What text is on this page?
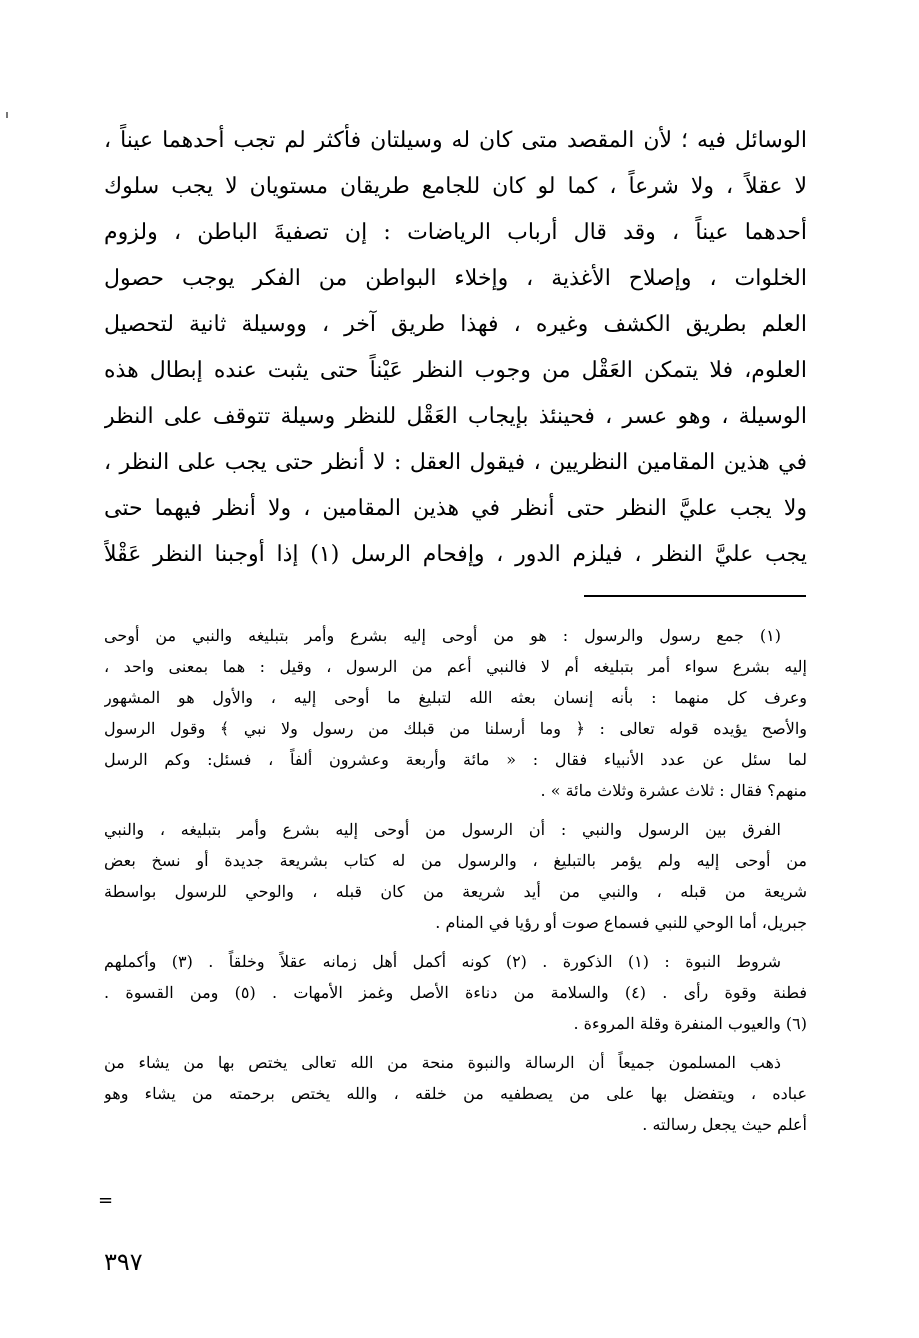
الوسائل فيه ؛ لأن المقصد متى كان له وسيلتان فأكثر لم تجب أحدهما عيناً ،
لا عقلاً ، ولا شرعاً ، كما لو كان للجامع طريقان مستويان لا يجب سلوك
أحدهما عيناً ، وقد قال أرباب الرياضات : إن تصفيةَ الباطن ، ولزوم
الخلوات ، وإصلاح الأغذية ، وإخلاء البواطن من الفكر يوجب حصول
العلم بطريق الكشف وغيره ، فهذا طريق آخر ، ووسيلة ثانية لتحصيل
العلوم، فلا يتمكن العَقْل من وجوب النظر عَيْناً حتى يثبت عنده إبطال هذه
الوسيلة ، وهو عسر ، فحينئذ بإيجاب العَقْل للنظر وسيلة تتوقف على النظر
في هذين المقامين النظريين ، فيقول العقل : لا أنظر حتى يجب على النظر ،
ولا يجب عليَّ النظر حتى أنظر في هذين المقامين ، ولا أنظر فيهما حتى
يجب عليَّ النظر ، فيلزم الدور ، وإفحام الرسل (١) إذا أوجبنا النظر عَقْلاً
(١) جمع رسول والرسول : هو من أوحى إليه بشرع وأمر بتبليغه والنبي من أوحى
إليه بشرع سواء أمر بتبليغه أم لا فالنبي أعم من الرسول ، وقيل : هما بمعنى واحد ،
وعرف كل منهما : بأنه إنسان بعثه الله لتبليغ ما أوحى إليه ، والأول هو المشهور
والأصح يؤيده قوله تعالى : ﴿ وما أرسلنا من قبلك من رسول ولا نبي ﴾ وقول الرسول
لما سئل عن عدد الأنبياء فقال : « مائة وأربعة وعشرون ألفاً ، فسئل: وكم الرسل
منهم؟ فقال : ثلاث عشرة وثلاث مائة » .
الفرق بين الرسول والنبي : أن الرسول من أوحى إليه بشرع وأمر بتبليغه ، والنبي
من أوحى إليه ولم يؤمر بالتبليغ ، والرسول من له كتاب بشريعة جديدة أو نسخ بعض
شريعة من قبله ، والنبي من أيد شريعة من كان قبله ، والوحي للرسول بواسطة
جبريل، أما الوحي للنبي فسماع صوت أو رؤيا في المنام .
شروط النبوة : (١) الذكورة . (٢) كونه أكمل أهل زمانه عقلاً وخلقاً . (٣) وأكملهم
فطنة وقوة رأى . (٤) والسلامة من دناءة الأصل وغمز الأمهات . (٥) ومن القسوة .
(٦) والعيوب المنفرة وقلة المروءة .
ذهب المسلمون جميعاً أن الرسالة والنبوة منحة من الله تعالى يختص بها من يشاء من
عباده ، ويتفضل بها على من يصطفيه من خلقه ، والله يختص برحمته من يشاء وهو
أعلم حيث يجعل رسالته .
=
٣٩٧
